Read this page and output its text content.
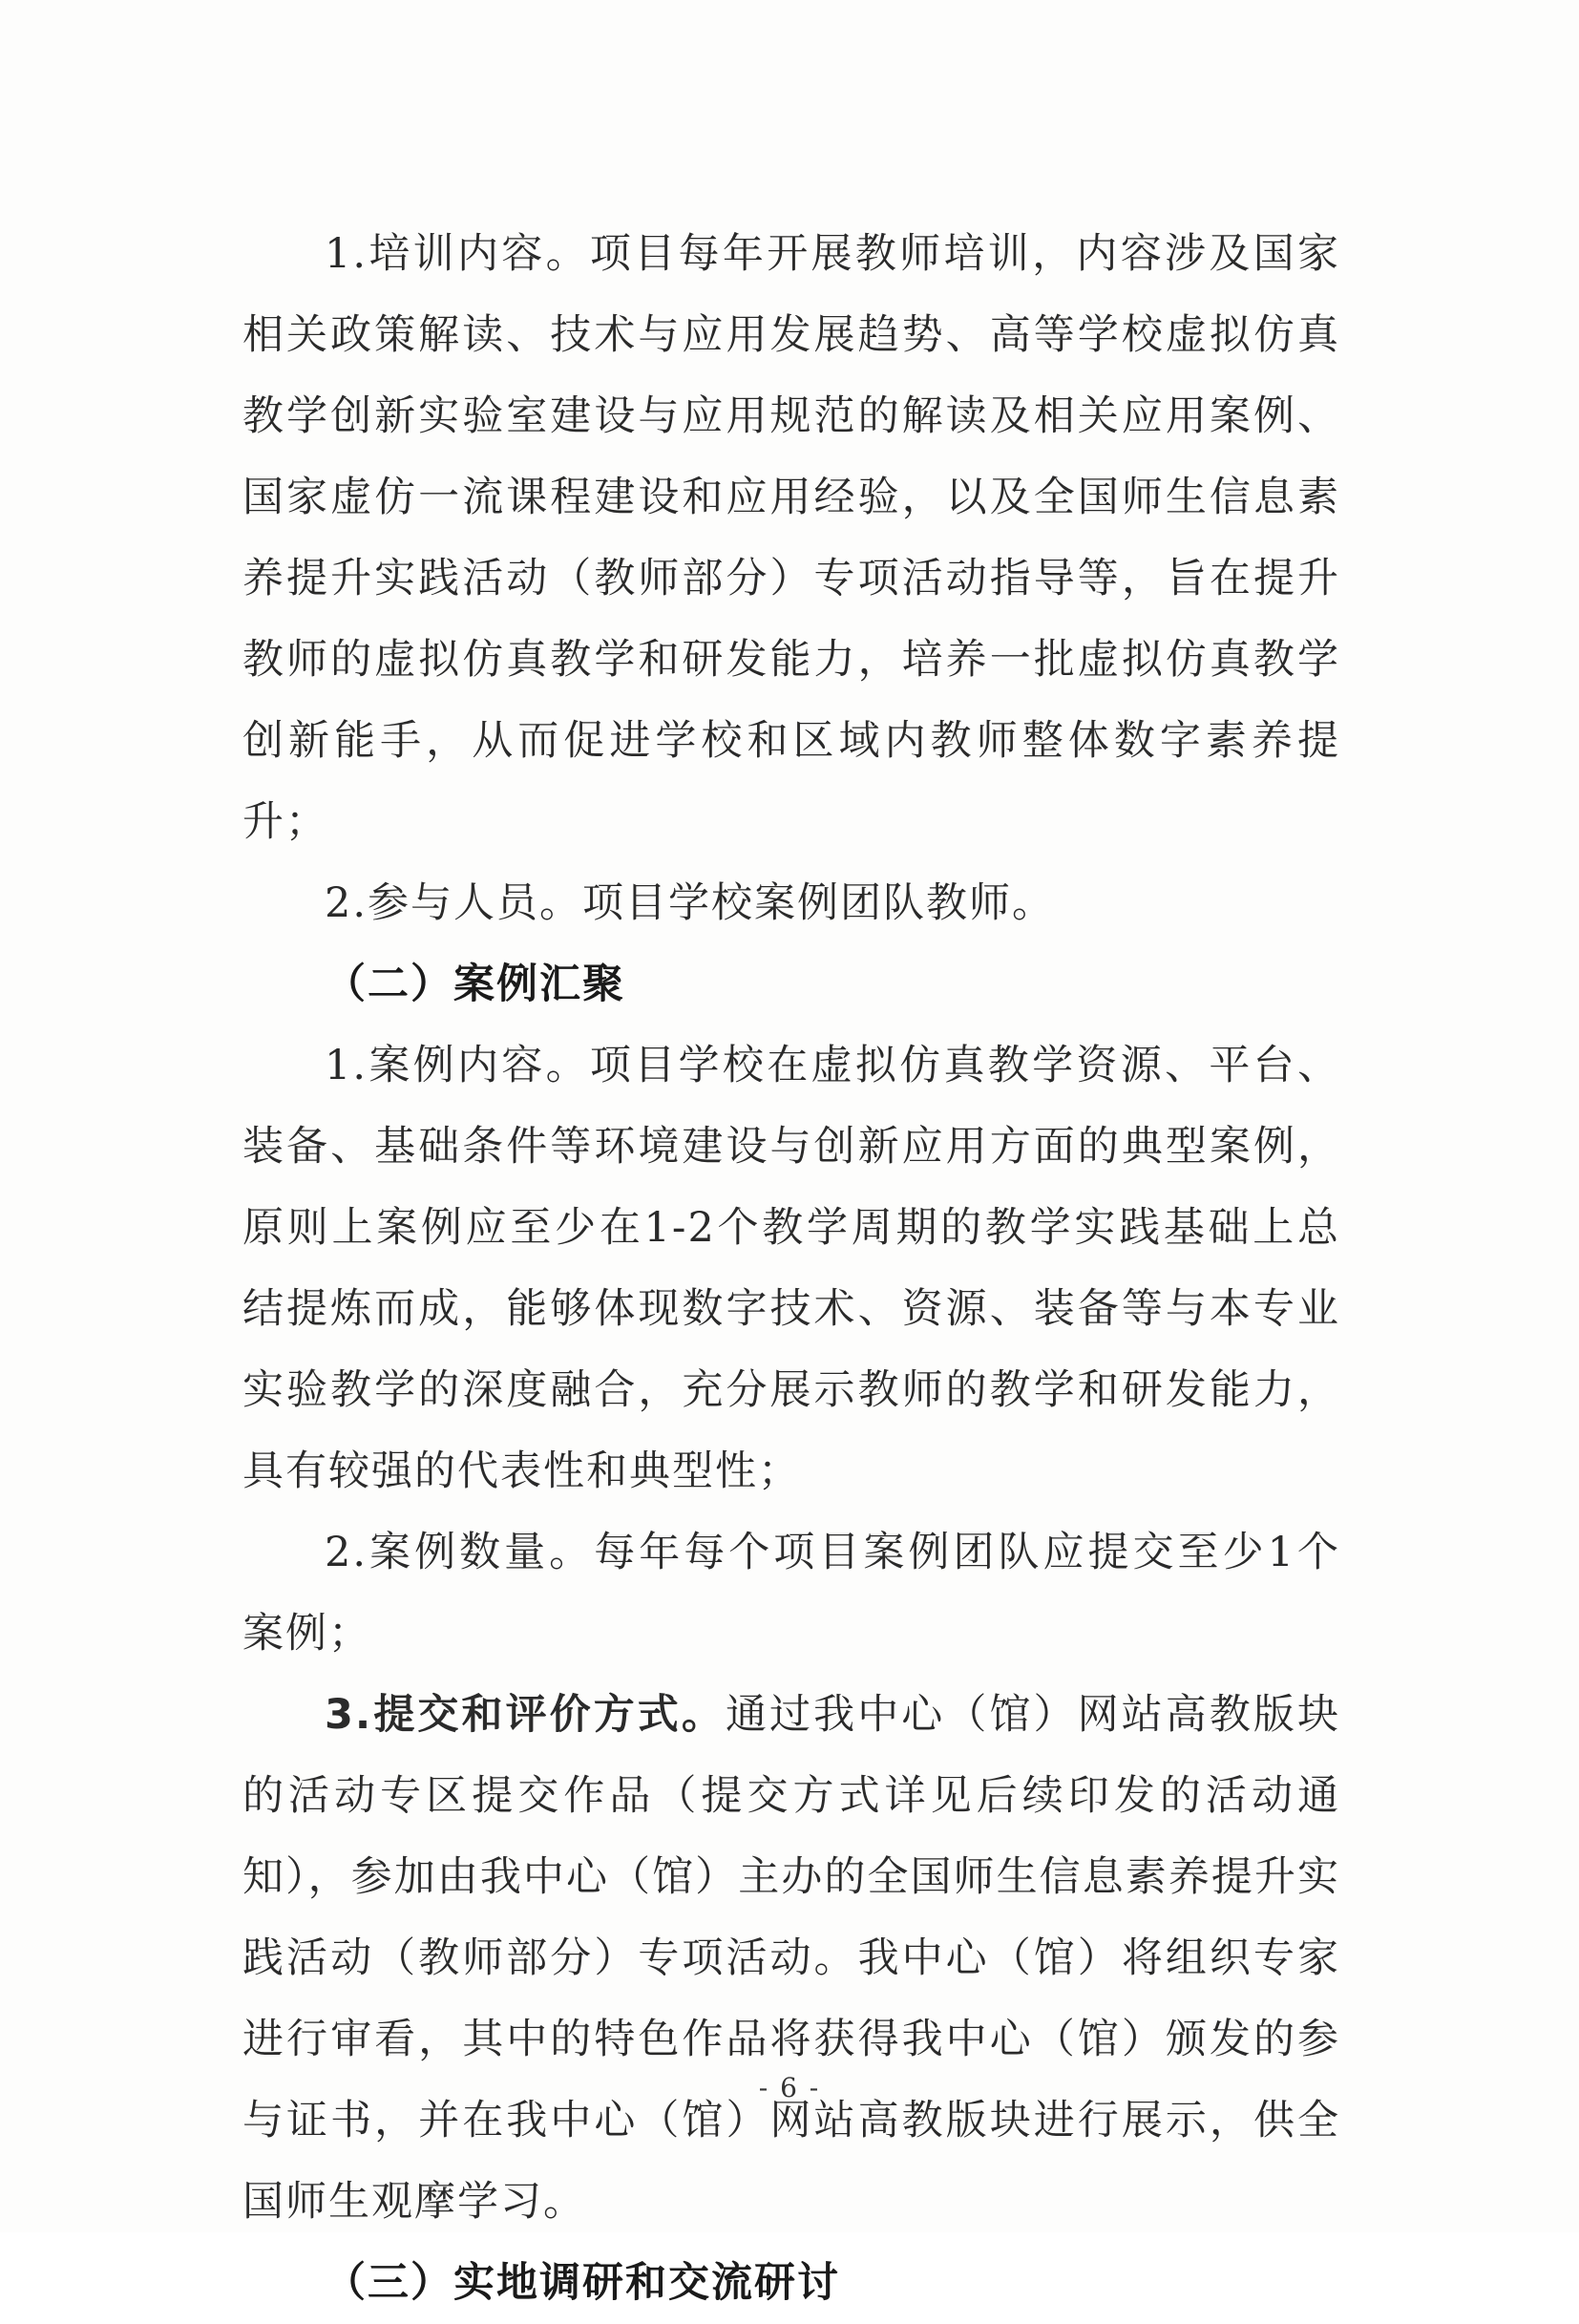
1.培训内容。项目每年开展教师培训，内容涉及国家相关政策解读、技术与应用发展趋势、高等学校虚拟仿真教学创新实验室建设与应用规范的解读及相关应用案例、国家虚仿一流课程建设和应用经验，以及全国师生信息素养提升实践活动（教师部分）专项活动指导等，旨在提升教师的虚拟仿真教学和研发能力，培养一批虚拟仿真教学创新能手，从而促进学校和区域内教师整体数字素养提升；

2.参与人员。项目学校案例团队教师。

（二）案例汇聚

1.案例内容。项目学校在虚拟仿真教学资源、平台、装备、基础条件等环境建设与创新应用方面的典型案例，原则上案例应至少在1-2个教学周期的教学实践基础上总结提炼而成，能够体现数字技术、资源、装备等与本专业实验教学的深度融合，充分展示教师的教学和研发能力，具有较强的代表性和典型性；

2.案例数量。每年每个项目案例团队应提交至少1个案例；

3.提交和评价方式。通过我中心（馆）网站高教版块的活动专区提交作品（提交方式详见后续印发的活动通知），参加由我中心（馆）主办的全国师生信息素养提升实践活动（教师部分）专项活动。我中心（馆）将组织专家进行审看，其中的特色作品将获得我中心（馆）颁发的参与证书，并在我中心（馆）网站高教版块进行展示，供全国师生观摩学习。

（三）实地调研和交流研讨

- 6 -
